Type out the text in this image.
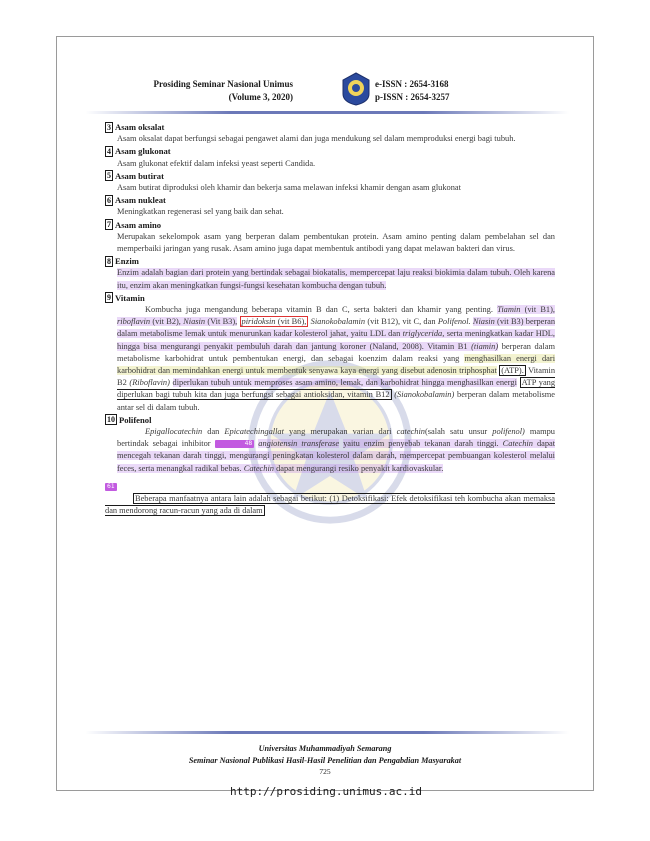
Prosiding Seminar Nasional Unimus
(Volume 3, 2020)
e-ISSN : 2654-3168
p-ISSN : 2654-3257
3 Asam oksalat

Asam oksalat dapat berfungsi sebagai pengawet alami dan juga mendukung sel dalam memproduksi energi bagi tubuh.

4 Asam glukonat

Asam glukonat efektif dalam infeksi yeast seperti Candida.

5 Asam butirat

Asam butirat diproduksi oleh khamir dan bekerja sama melawan infeksi khamir dengan asam glukonat

6 Asam nukleat

Meningkatkan regenerasi sel yang baik dan sehat.

7 Asam amino

Merupakan sekelompok asam yang berperan dalam pembentukan protein. Asam amino penting dalam pembelahan sel dan memperbaiki jaringan yang rusak. Asam amino juga dapat membentuk antibodi yang dapat melawan bakteri dan virus.

8 Enzim

Enzim adalah bagian dari protein yang bertindak sebagai biokatalis, mempercepat laju reaksi biokimia dalam tubuh. Oleh karena itu, enzim akan meningkatkan fungsi-fungsi kesehatan kombucha dengan tubuh.

9 Vitamin

Kombucha juga mengandung beberapa vitamin B dan C, serta bakteri dan khamir yang penting. Tiamin (vit B1), riboflavin (vit B2), Niasin (Vit B3), piridoksin (vit B6), Sianokobalamin (vit B12), vit C, dan Polifenol. Niasin (vit B3) berperan dalam metabolisme lemak untuk menurunkan kadar kolesterol jahat, yaitu LDL dan triglycerida, serta meningkatkan kadar HDL, hingga bisa mengurangi penyakit pembuluh darah dan jantung koroner (Naland, 2008). Vitamin B1 (tiamin) berperan dalam metabolisme karbohidrat untuk pembentukan energi, dan sebagai koenzim dalam reaksi yang menghasilkan energi dari karbohidrat dan memindahkan energi untuk membentuk senyawa kaya energi yang disebut adenosin triphosphat (ATP). Vitamin B2 (Riboflavin) diperlukan tubuh untuk memproses asam amino, lemak, dan karbohidrat hingga menghasilkan energi ATP yang diperlukan bagi tubuh kita dan juga berfungsi sebagai antioksidan, vitamin B12 (Sianokobalamin) berperan dalam metabolisme antar sel di dalam tubuh.

10 Polifenol

Epigallocatechin dan Epicatechingallat yang merupakan varian dari catechin(salah satu unsur polifenol) mampu bertindak sebagai inhibitor	48 angiotensin transferase yaitu enzim penyebab tekanan darah tinggi. Catechin dapat mencegah tekanan darah tinggi, mengurangi peningkatan kolesterol dalam darah, mempercepat pembuangan kolesterol melalui feces, serta menangkal radikal bebas. Catechin dapat mengurangi resiko penyakit kardiovaskular.

61

Beberapa manfaatnya antara lain adalah sebagai berikut: (1) Detoksifikasi: Efek detoksifikasi teh kombucha akan memaksa dan mendorong racun-racun yang ada di dalam

Universitas Muhammadiyah Semarang
Seminar Nasional Publikasi Hasil-Hasil Penelitian dan Pengabdian Masyarakat
725
http://prosiding.unimus.ac.id
